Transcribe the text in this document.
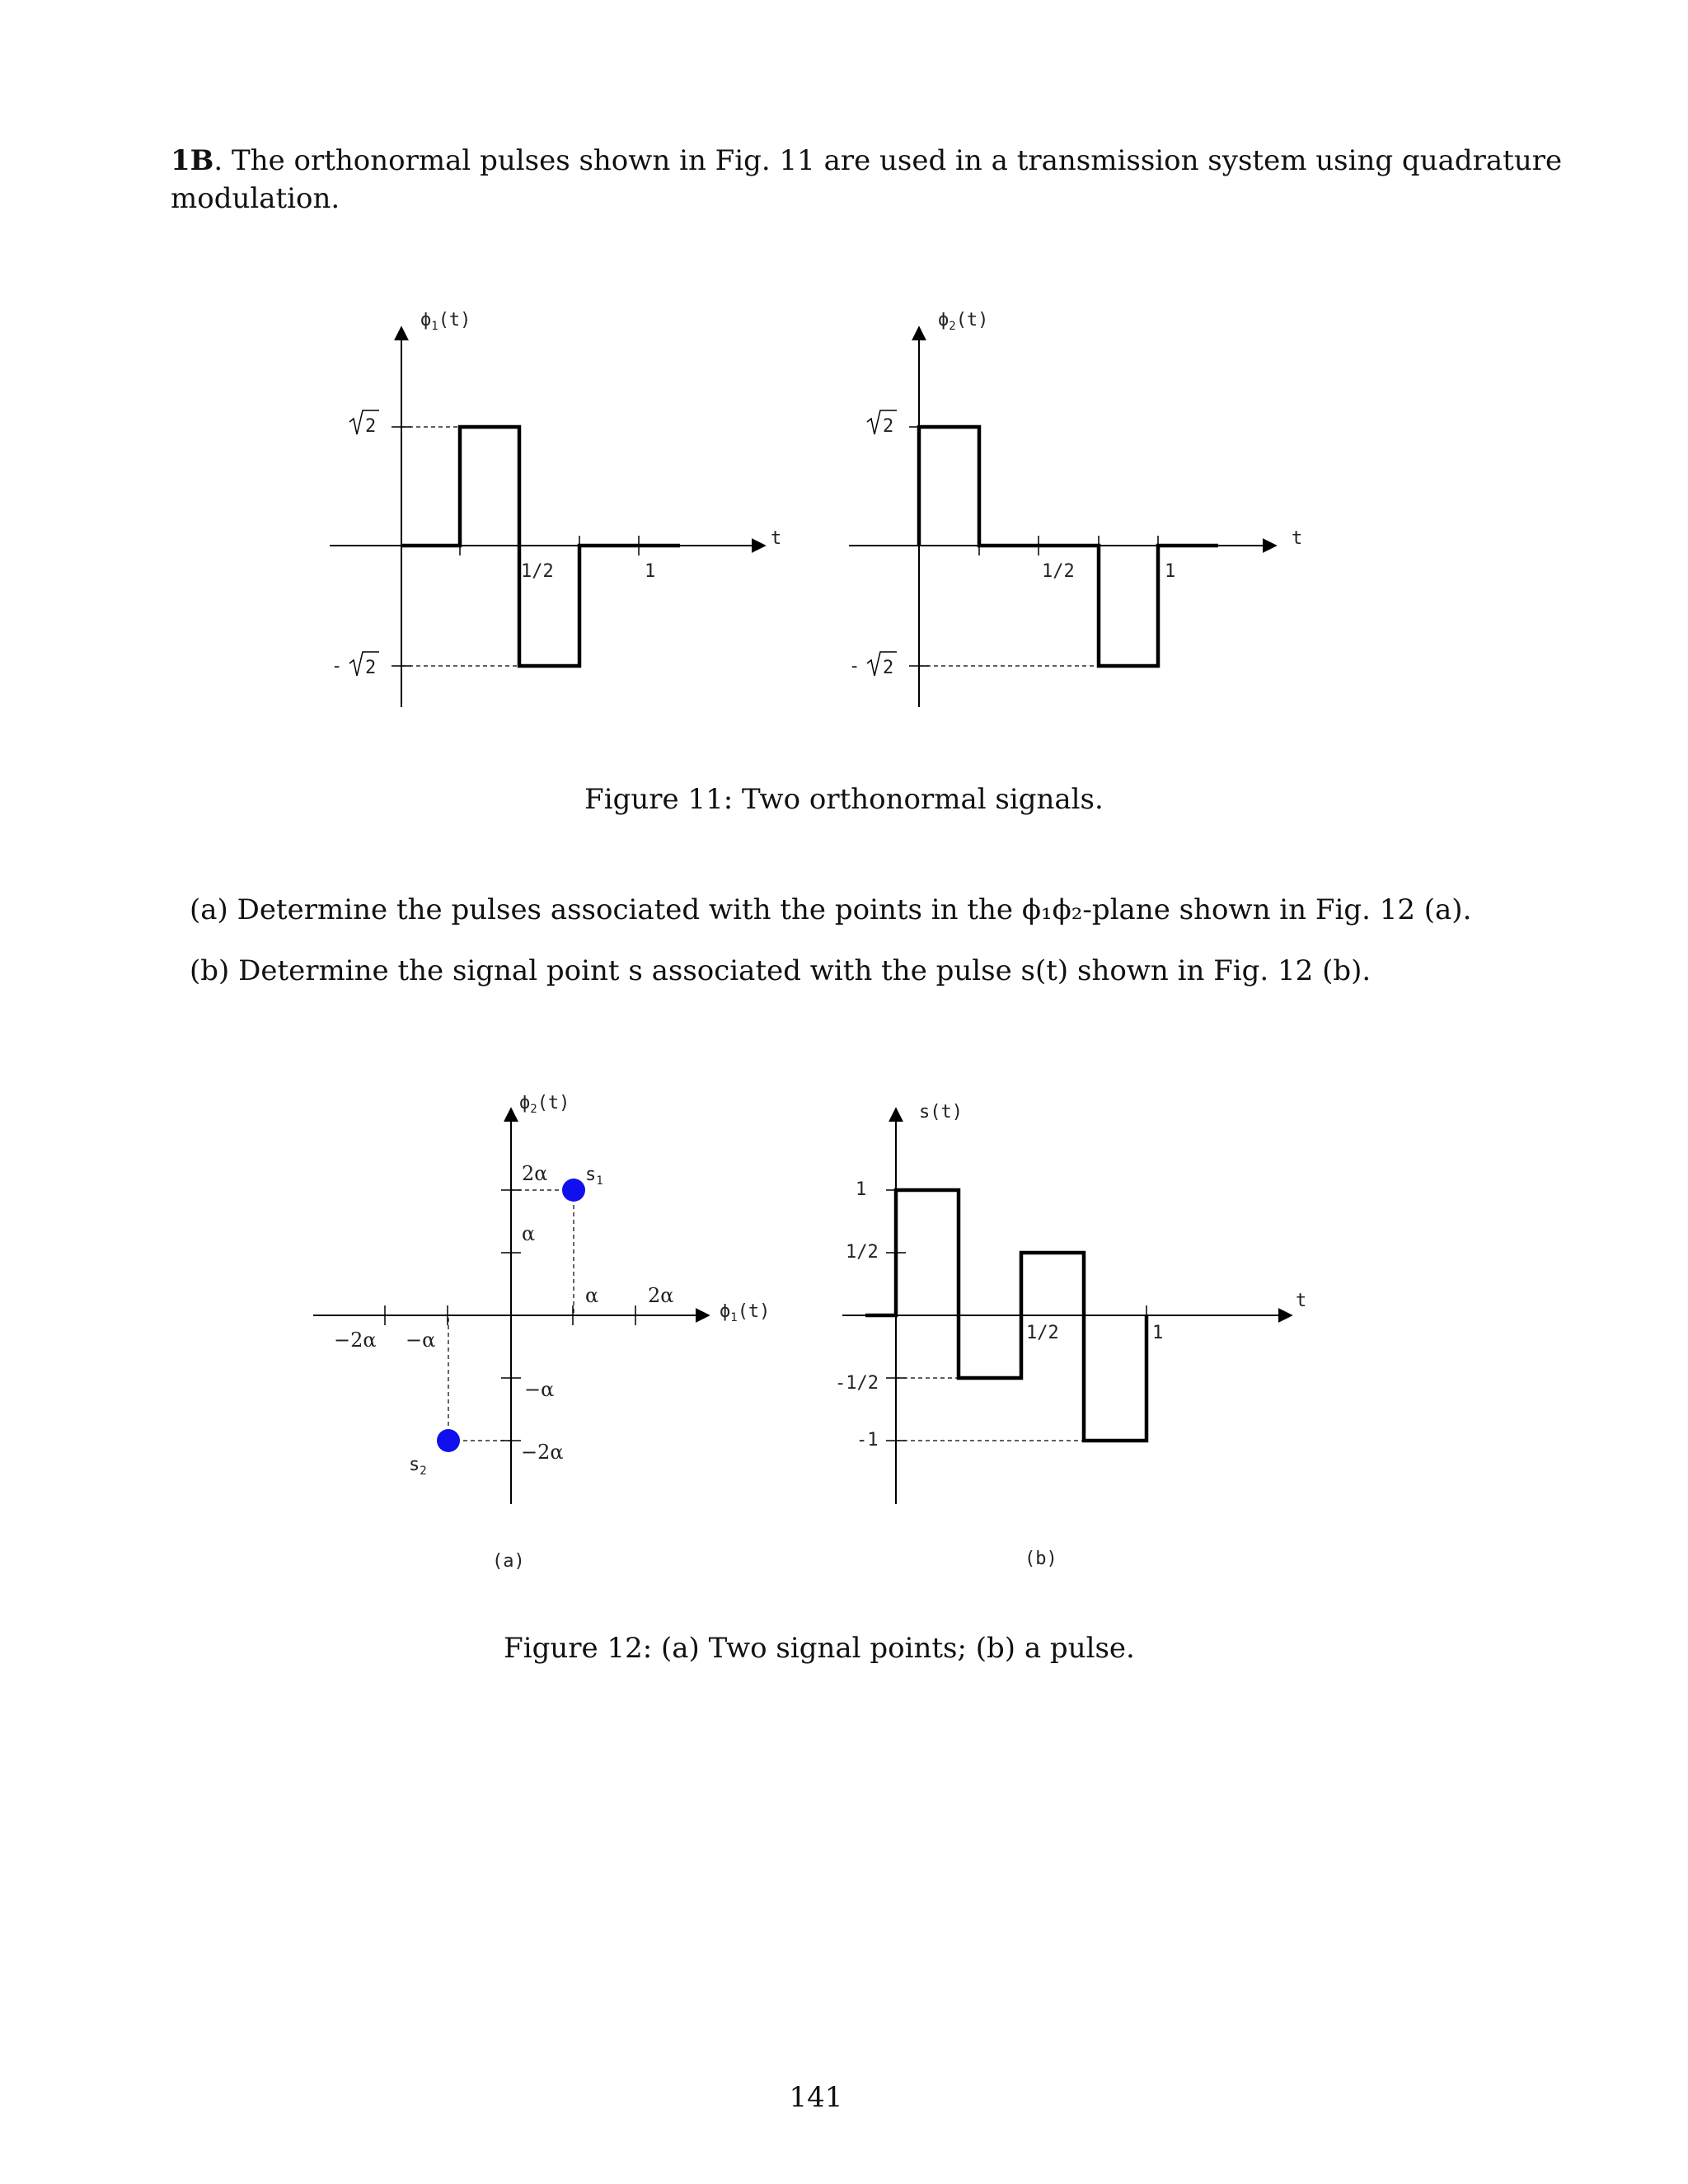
1B. The orthonormal pulses shown in Fig. 11 are used in a transmission system using quadrature modulation.
$\phi_1(t)$
t
1/2	1
2
- 2
$\phi_2(t)$
t
1/2	1
2
- 2
$\phi_2(t)$
$\phi_1(t)$
2α
α
α 2α
−2α −α
−α
−2α
$s_1$
$s_2$
(a)
s(t)
t
1
1/2
-1/2
-1
1/2	1
(b)
Figure 11: Two orthonormal signals.
(a) Determine the pulses associated with the points in the ϕ₁ϕ₂-plane shown in Fig. 12 (a).
(b) Determine the signal point s associated with the pulse s(t) shown in Fig. 12 (b).
Figure 12: (a) Two signal points; (b) a pulse.
141
